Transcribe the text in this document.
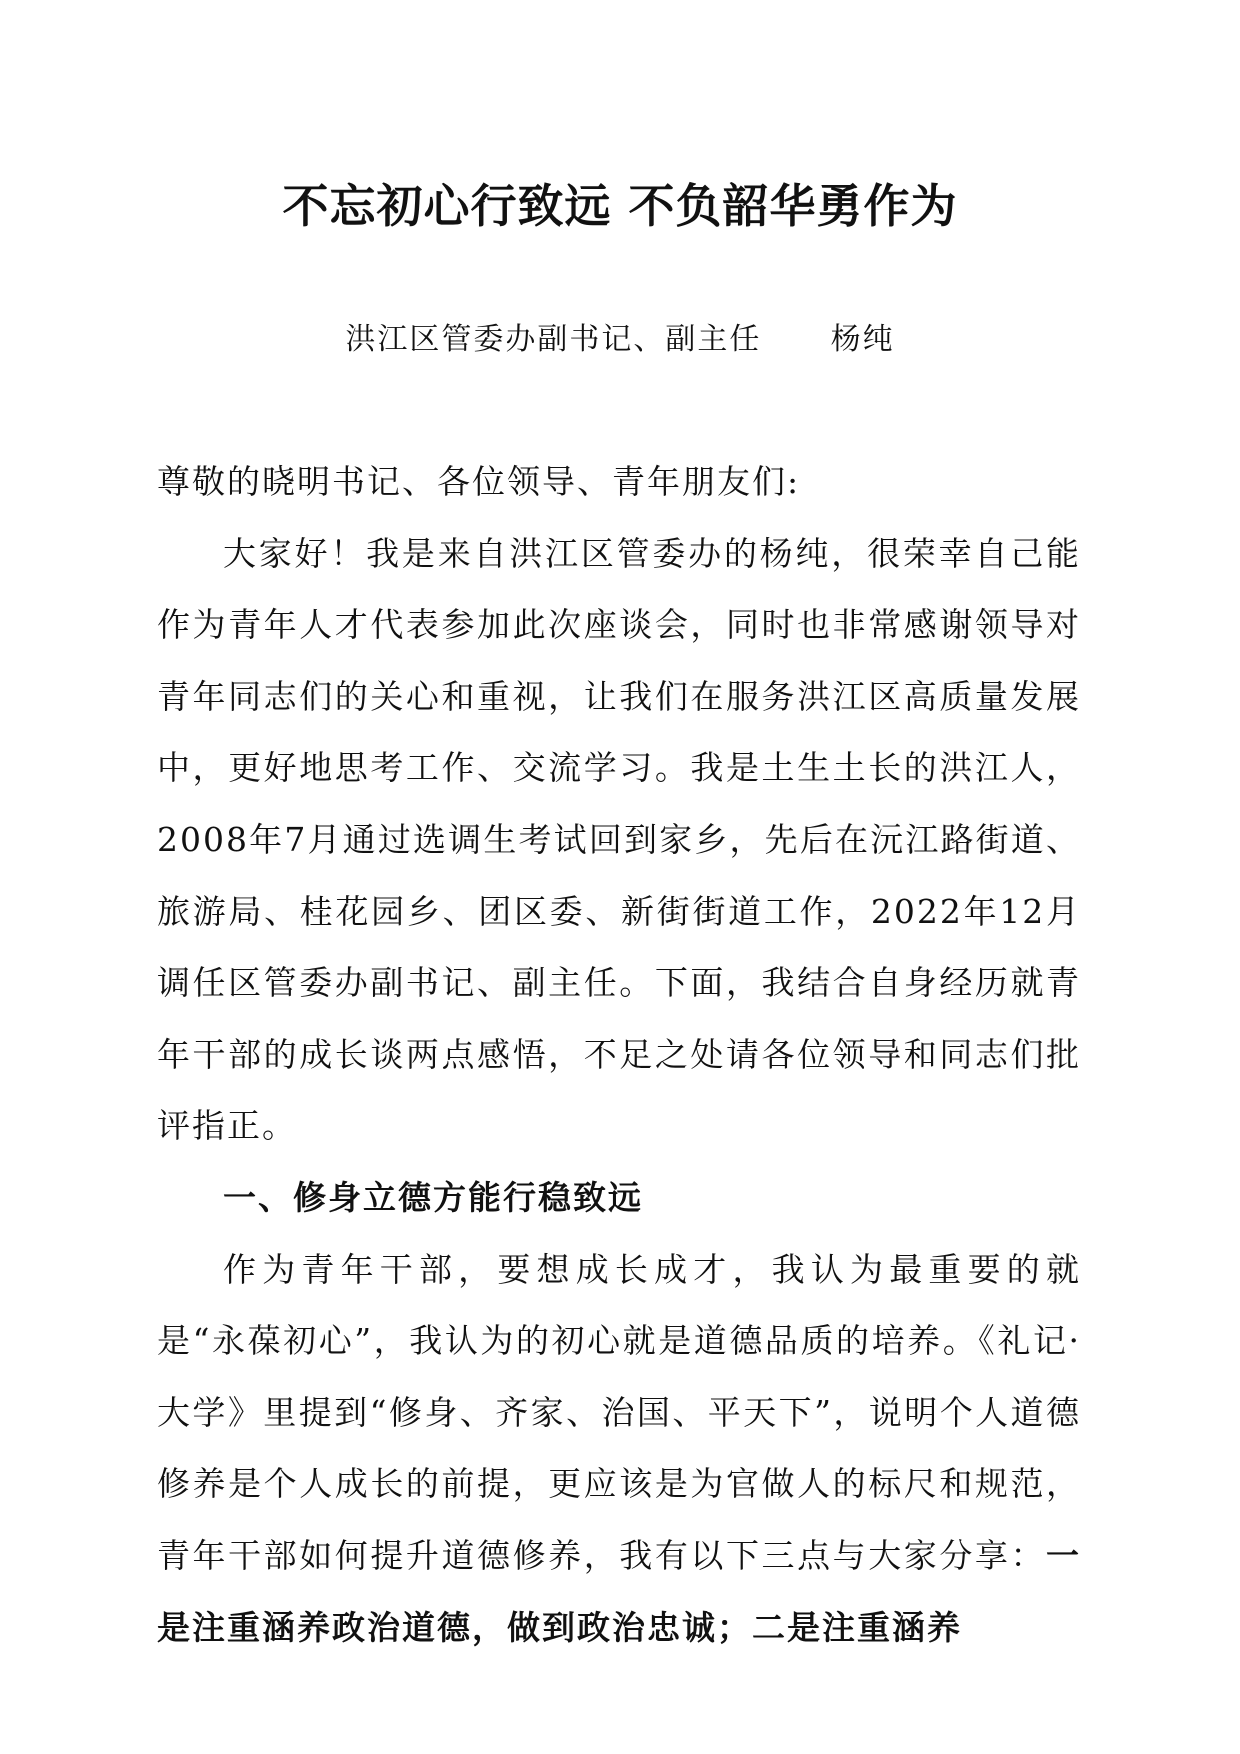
不忘初心行致远 不负韶华勇作为
洪江区管委办副书记、副主任      杨纯

尊敬的晓明书记、各位领导、青年朋友们:

大家好！我是来自洪江区管委办的杨纯，很荣幸自己能作为青年人才代表参加此次座谈会，同时也非常感谢领导对青年同志们的关心和重视，让我们在服务洪江区高质量发展中，更好地思考工作、交流学习。我是土生土长的洪江人，2008年7月通过选调生考试回到家乡，先后在沅江路街道、旅游局、桂花园乡、团区委、新街街道工作，2022年12月调任区管委办副书记、副主任。下面，我结合自身经历就青年干部的成长谈两点感悟，不足之处请各位领导和同志们批评指正。

一、修身立德方能行稳致远

作为青年干部，要想成长成才，我认为最重要的就是“永葆初心”，我认为的初心就是道德品质的培养。《礼记·大学》里提到“修身、齐家、治国、平天下”，说明个人道德修养是个人成长的前提，更应该是为官做人的标尺和规范，青年干部如何提升道德修养，我有以下三点与大家分享：一是注重涵养政治道德，做到政治忠诚；二是注重涵养
